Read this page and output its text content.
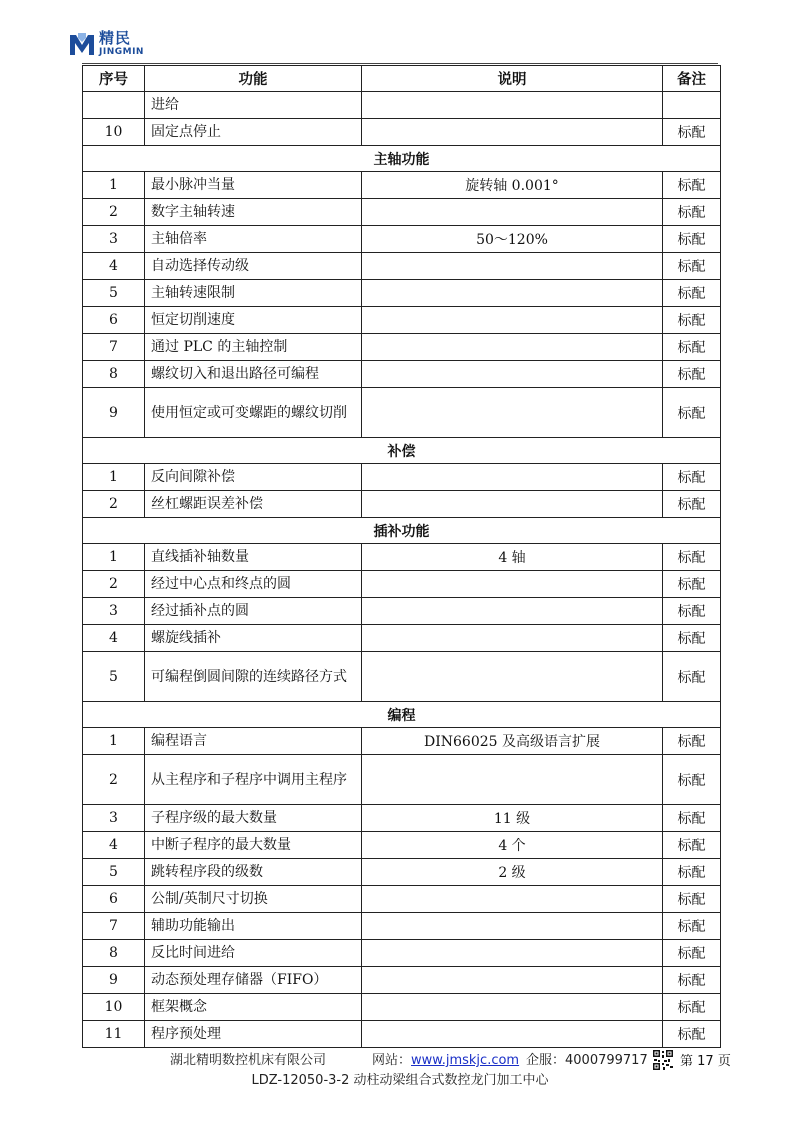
精民
JINGMIN
序号	功能	说明	备注
	进给		
10	固定点停止		标配
主轴功能			
1	最小脉冲当量	旋转轴 0.001°	标配
2	数字主轴转速		标配
3	主轴倍率	50～120%	标配
4	自动选择传动级		标配
5	主轴转速限制		标配
6	恒定切削速度		标配
7	通过 PLC 的主轴控制		标配
8	螺纹切入和退出路径可编程		标配
9	使用恒定或可变螺距的螺纹切削		标配
补偿			
1	反向间隙补偿		标配
2	丝杠螺距误差补偿		标配
插补功能			
1	直线插补轴数量	4 轴	标配
2	经过中心点和终点的圆		标配
3	经过插补点的圆		标配
4	螺旋线插补		标配
5	可编程倒圆间隙的连续路径方式		标配
编程			
1	编程语言	DIN66025 及高级语言扩展	标配
2	从主程序和子程序中调用主程序		标配
3	子程序级的最大数量	11 级	标配
4	中断子程序的最大数量	4 个	标配
5	跳转程序段的级数	2 级	标配
6	公制/英制尺寸切换		标配
7	辅助功能输出		标配
8	反比时间进给		标配
9	动态预处理存储器（FIFO）		标配
10	框架概念		标配
11	程序预处理		标配
湖北精明数控机床有限公司	网站：www.jmskjc.com 企服：4000799717 第 17 页
LDZ-12050-3-2 动柱动梁组合式数控龙门加工中心
